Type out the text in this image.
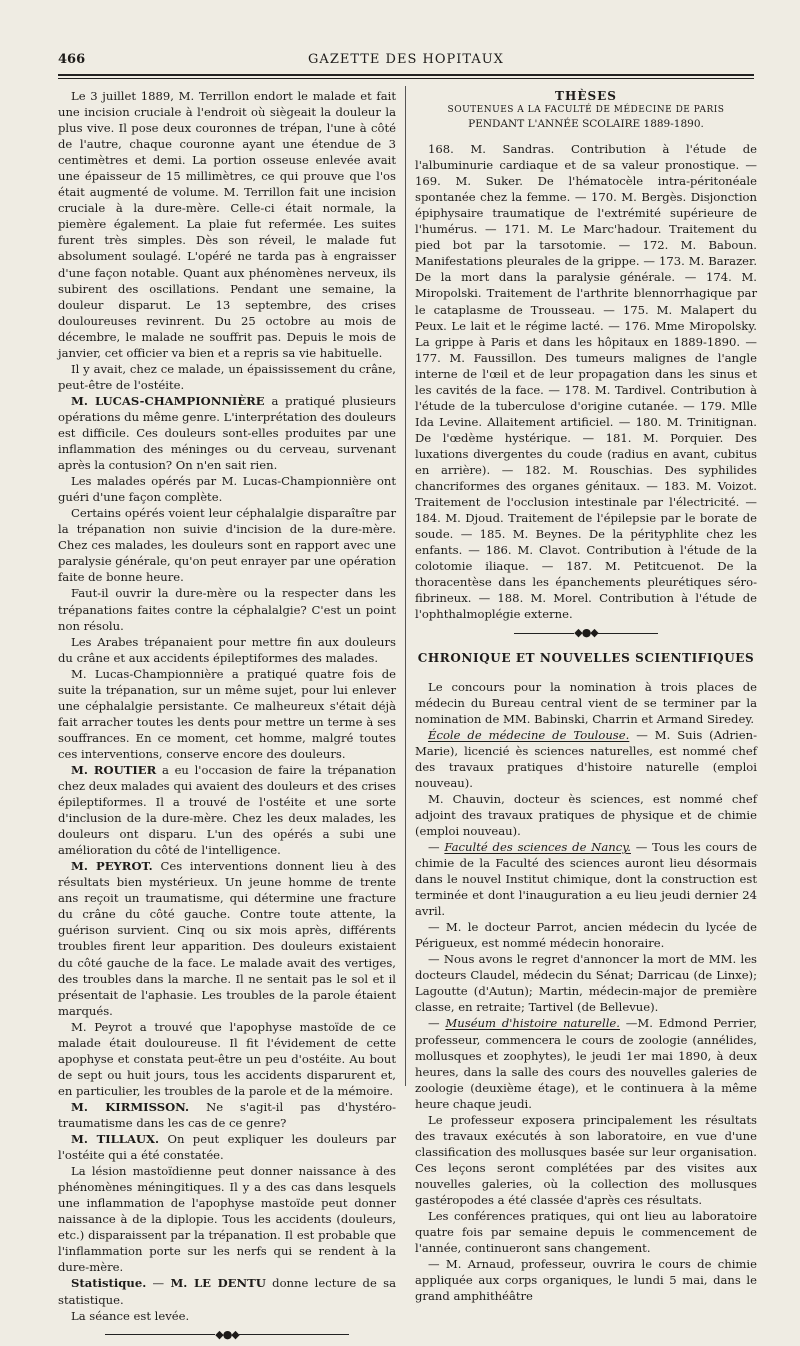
466	GAZETTE DES HOPITAUX

Le 3 juillet 1889, M. Terrillon endort le malade et fait une incision cruciale à l'endroit où siègeait la douleur la plus vive. Il pose deux couronnes de trépan, l'une à côté de l'autre, chaque couronne ayant une étendue de 3 centimètres et demi. La portion osseuse enlevée avait une épaisseur de 15 millimètres, ce qui prouve que l'os était augmenté de volume. M. Terrillon fait une incision cruciale à la dure-mère. Celle-ci était normale, la piemère également. La plaie fut refermée. Les suites furent très simples. Dès son réveil, le malade fut absolument soulagé. L'opéré ne tarda pas à engraisser d'une façon notable. Quant aux phénomènes nerveux, ils subirent des oscillations. Pendant une semaine, la douleur disparut. Le 13 septembre, des crises douloureuses revinrent. Du 25 octobre au mois de décembre, le malade ne souffrit pas. Depuis le mois de janvier, cet officier va bien et a repris sa vie habituelle.

Il y avait, chez ce malade, un épaississement du crâne, peut-être de l'ostéite.

M. LUCAS-CHAMPIONNIÈRE a pratiqué plusieurs opérations du même genre. L'interprétation des douleurs est difficile. Ces douleurs sont-elles produites par une inflammation des méninges ou du cerveau, survenant après la contusion? On n'en sait rien.

Les malades opérés par M. Lucas-Championnière ont guéri d'une façon complète.

Certains opérés voient leur céphalalgie disparaître par la trépanation non suivie d'incision de la dure-mère. Chez ces malades, les douleurs sont en rapport avec une paralysie générale, qu'on peut enrayer par une opération faite de bonne heure.

Faut-il ouvrir la dure-mère ou la respecter dans les trépanations faites contre la céphalalgie? C'est un point non résolu.

Les Arabes trépanaient pour mettre fin aux douleurs du crâne et aux accidents épileptiformes des malades.

M. Lucas-Championnière a pratiqué quatre fois de suite la trépanation, sur un même sujet, pour lui enlever une céphalalgie persistante. Ce malheureux s'était déjà fait arracher toutes les dents pour mettre un terme à ses souffrances. En ce moment, cet homme, malgré toutes ces interventions, conserve encore des douleurs.

M. ROUTIER a eu l'occasion de faire la trépanation chez deux malades qui avaient des douleurs et des crises épileptiformes. Il a trouvé de l'ostéite et une sorte d'inclusion de la dure-mère. Chez les deux malades, les douleurs ont disparu. L'un des opérés a subi une amélioration du côté de l'intelligence.

M. PEYROT. Ces interventions donnent lieu à des résultats bien mystérieux. Un jeune homme de trente ans reçoit un traumatisme, qui détermine une fracture du crâne du côté gauche. Contre toute attente, la guérison survient. Cinq ou six mois après, différents troubles firent leur apparition. Des douleurs existaient du côté gauche de la face. Le malade avait des vertiges, des troubles dans la marche. Il ne sentait pas le sol et il présentait de l'aphasie. Les troubles de la parole étaient marqués.

M. Peyrot a trouvé que l'apophyse mastoïde de ce malade était douloureuse. Il fit l'évidement de cette apophyse et constata peut-être un peu d'ostéite. Au bout de sept ou huit jours, tous les accidents disparurent et, en particulier, les troubles de la parole et de la mémoire.

M. KIRMISSON. Ne s'agit-il pas d'hystéro-traumatisme dans les cas de ce genre?

M. TILLAUX. On peut expliquer les douleurs par l'ostéite qui a été constatée.

La lésion mastoïdienne peut donner naissance à des phénomènes méningitiques. Il y a des cas dans lesquels une inflammation de l'apophyse mastoïde peut donner naissance à de la diplopie. Tous les accidents (douleurs, etc.) disparaissent par la trépanation. Il est probable que l'inflammation porte sur les nerfs qui se rendent à la dure-mère.

Statistique. — M. LE DENTU donne lecture de sa statistique.

La séance est levée.

◆●◆
THÈSES
SOUTENUES A LA FACULTÉ DE MÉDECINE DE PARIS
PENDANT L'ANNÉE SCOLAIRE 1889-1890.

168. M. Sandras. Contribution à l'étude de l'albuminurie cardiaque et de sa valeur pronostique. — 169. M. Suker. De l'hématocèle intra-péritonéale spontanée chez la femme. — 170. M. Bergès. Disjonction épiphysaire traumatique de l'extrémité supérieure de l'humérus. — 171. M. Le Marc'hadour. Traitement du pied bot par la tarsotomie. — 172. M. Baboun. Manifestations pleurales de la grippe. — 173. M. Barazer. De la mort dans la paralysie générale. — 174. M. Miropolski. Traitement de l'arthrite blennorrhagique par le cataplasme de Trousseau. — 175. M. Malapert du Peux. Le lait et le régime lacté. — 176. Mme Miropolsky. La grippe à Paris et dans les hôpitaux en 1889-1890. — 177. M. Faussillon. Des tumeurs malignes de l'angle interne de l'œil et de leur propagation dans les sinus et les cavités de la face. — 178. M. Tardivel. Contribution à l'étude de la tuberculose d'origine cutanée. — 179. Mlle Ida Levine. Allaitement artificiel. — 180. M. Trinitignan. De l'œdème hystérique. — 181. M. Porquier. Des luxations divergentes du coude (radius en avant, cubitus en arrière). — 182. M. Rouschias. Des syphilides chancriformes des organes génitaux. — 183. M. Voizot. Traitement de l'occlusion intestinale par l'électricité. — 184. M. Djoud. Traitement de l'épilepsie par le borate de soude. — 185. M. Beynes. De la pérityphlite chez les enfants. — 186. M. Clavot. Contribution à l'étude de la colotomie iliaque. — 187. M. Petitcuenot. De la thoracentèse dans les épanchements pleurétiques séro-fibrineux. — 188. M. Morel. Contribution à l'étude de l'ophthalmoplégie externe.

◆●◆
CHRONIQUE ET NOUVELLES SCIENTIFIQUES

Le concours pour la nomination à trois places de médecin du Bureau central vient de se terminer par la nomination de MM. Babinski, Charrin et Armand Siredey.

École de médecine de Toulouse. — M. Suis (Adrien-Marie), licencié ès sciences naturelles, est nommé chef des travaux pratiques d'histoire naturelle (emploi nouveau).

M. Chauvin, docteur ès sciences, est nommé chef adjoint des travaux pratiques de physique et de chimie (emploi nouveau).

— Faculté des sciences de Nancy. — Tous les cours de chimie de la Faculté des sciences auront lieu désormais dans le nouvel Institut chimique, dont la construction est terminée et dont l'inauguration a eu lieu jeudi dernier 24 avril.

— M. le docteur Parrot, ancien médecin du lycée de Périgueux, est nommé médecin honoraire.

— Nous avons le regret d'annoncer la mort de MM. les docteurs Claudel, médecin du Sénat; Darricau (de Linxe); Lagoutte (d'Autun); Martin, médecin-major de première classe, en retraite; Tartivel (de Bellevue).

— Muséum d'histoire naturelle. —M. Edmond Perrier, professeur, commencera le cours de zoologie (annélides, mollusques et zoophytes), le jeudi 1er mai 1890, à deux heures, dans la salle des cours des nouvelles galeries de zoologie (deuxième étage), et le continuera à la même heure chaque jeudi.

Le professeur exposera principalement les résultats des travaux exécutés à son laboratoire, en vue d'une classification des mollusques basée sur leur organisation. Ces leçons seront complétées par des visites aux nouvelles galeries, où la collection des mollusques gastéropodes a été classée d'après ces résultats.

Les conférences pratiques, qui ont lieu au laboratoire quatre fois par semaine depuis le commencement de l'année, continueront sans changement.

— M. Arnaud, professeur, ouvrira le cours de chimie appliquée aux corps organiques, le lundi 5 mai, dans le grand amphithéâtre
